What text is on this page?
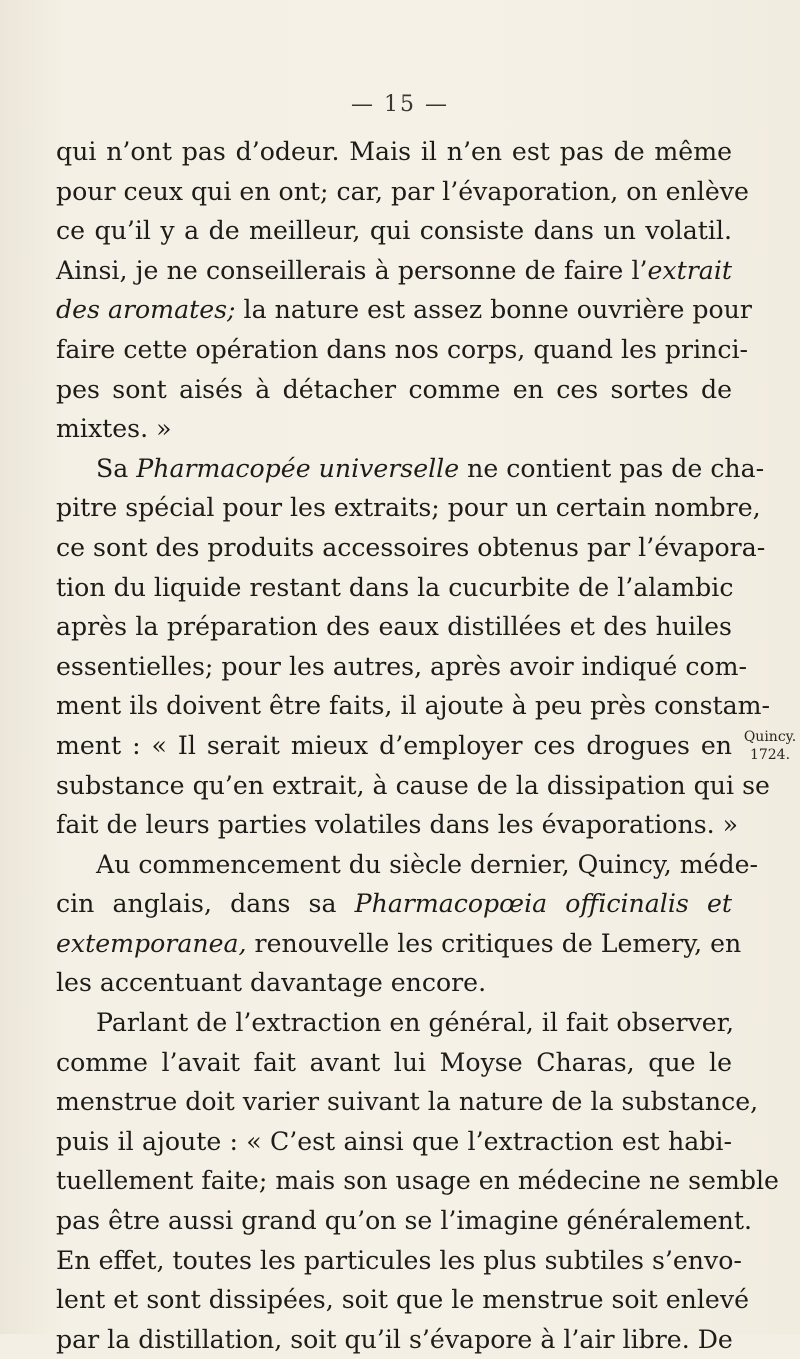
— 15 —
qui n’ont pas d’odeur. Mais il n’en est pas de même
pour ceux qui en ont; car, par l’évaporation, on enlève
ce qu’il y a de meilleur, qui consiste dans un volatil.
Ainsi, je ne conseillerais à personne de faire l’extrait
des aromates; la nature est assez bonne ouvrière pour
faire cette opération dans nos corps, quand les princi-
pes sont aisés à détacher comme en ces sortes de
mixtes. »
Sa Pharmacopée universelle ne contient pas de cha-
pitre spécial pour les extraits; pour un certain nombre,
ce sont des produits accessoires obtenus par l’évapora-
tion du liquide restant dans la cucurbite de l’alambic
après la préparation des eaux distillées et des huiles
essentielles; pour les autres, après avoir indiqué com-
ment ils doivent être faits, il ajoute à peu près constam-
ment : « Il serait mieux d’employer ces drogues en
substance qu’en extrait, à cause de la dissipation qui se
fait de leurs parties volatiles dans les évaporations. »
Au commencement du siècle dernier, Quincy, méde-
cin anglais, dans sa Pharmacopœia officinalis et
extemporanea, renouvelle les critiques de Lemery, en
les accentuant davantage encore.
Parlant de l’extraction en général, il fait observer,
comme l’avait fait avant lui Moyse Charas, que le
menstrue doit varier suivant la nature de la substance,
puis il ajoute : « C’est ainsi que l’extraction est habi-
tuellement faite; mais son usage en médecine ne semble
pas être aussi grand qu’on se l’imagine généralement.
En effet, toutes les particules les plus subtiles s’envo-
lent et sont dissipées, soit que le menstrue soit enlevé
par la distillation, soit qu’il s’évapore à l’air libre. De
Quincy.
1724.
